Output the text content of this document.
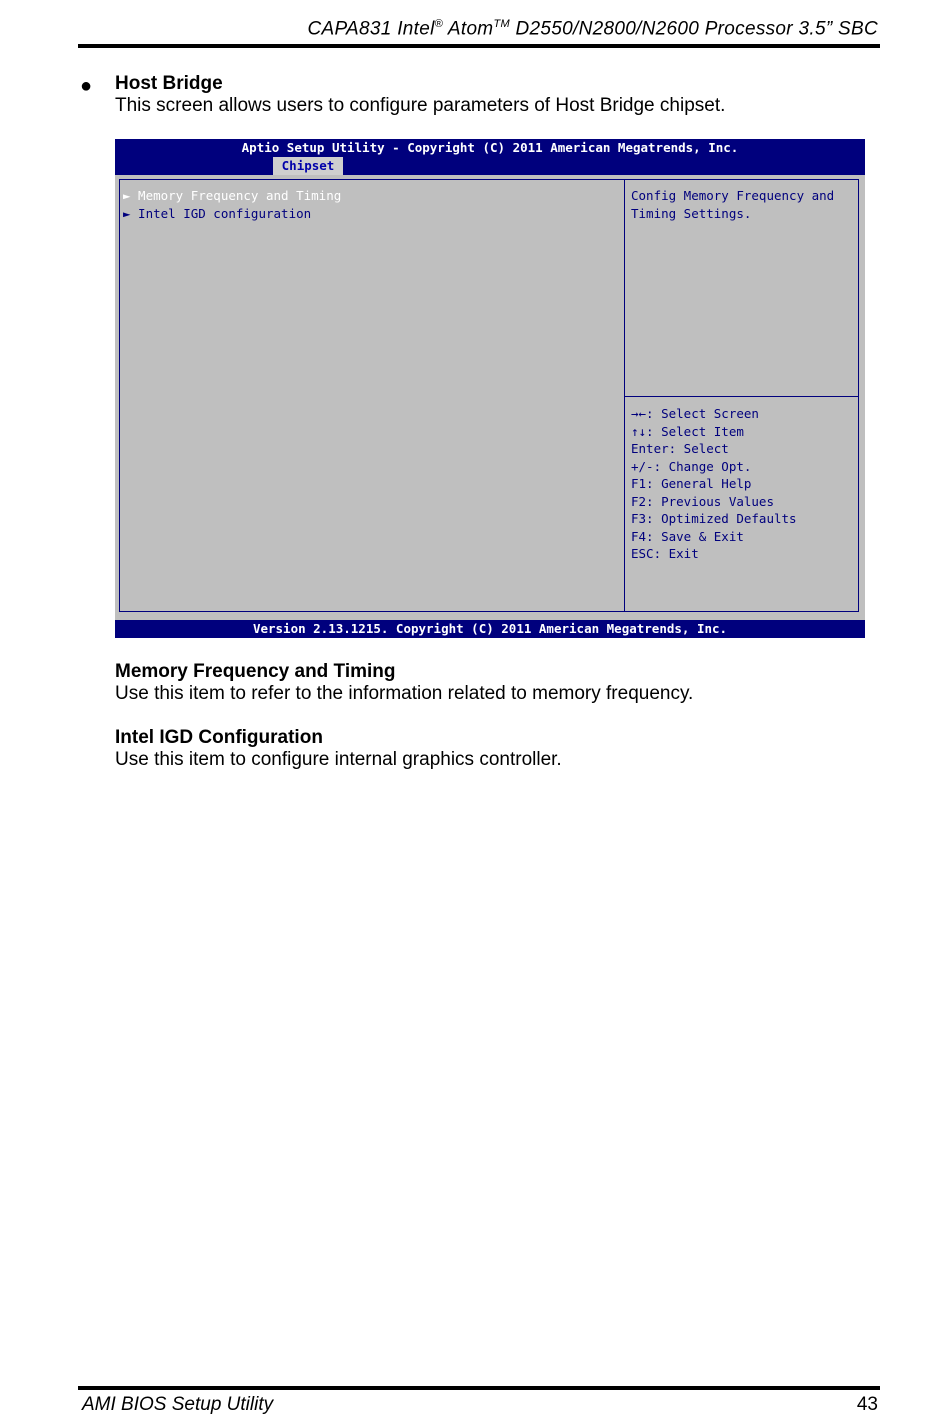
CAPA831 Intel® Atom™ D2550/N2800/N2600 Processor 3.5” SBC
● Host Bridge
This screen allows users to configure parameters of Host Bridge chipset.
Aptio Setup Utility - Copyright (C) 2011 American Megatrends, Inc.
Chipset
► Memory Frequency and Timing
► Intel IGD configuration
Config Memory Frequency and
Timing Settings.
→←: Select Screen
↑↓: Select Item
Enter: Select
+/-: Change Opt.
F1: General Help
F2: Previous Values
F3: Optimized Defaults
F4: Save & Exit
ESC: Exit
Version 2.13.1215. Copyright (C) 2011 American Megatrends, Inc.
Memory Frequency and Timing
Use this item to refer to the information related to memory frequency.
Intel IGD Configuration
Use this item to configure internal graphics controller.
AMI BIOS Setup Utility	43
